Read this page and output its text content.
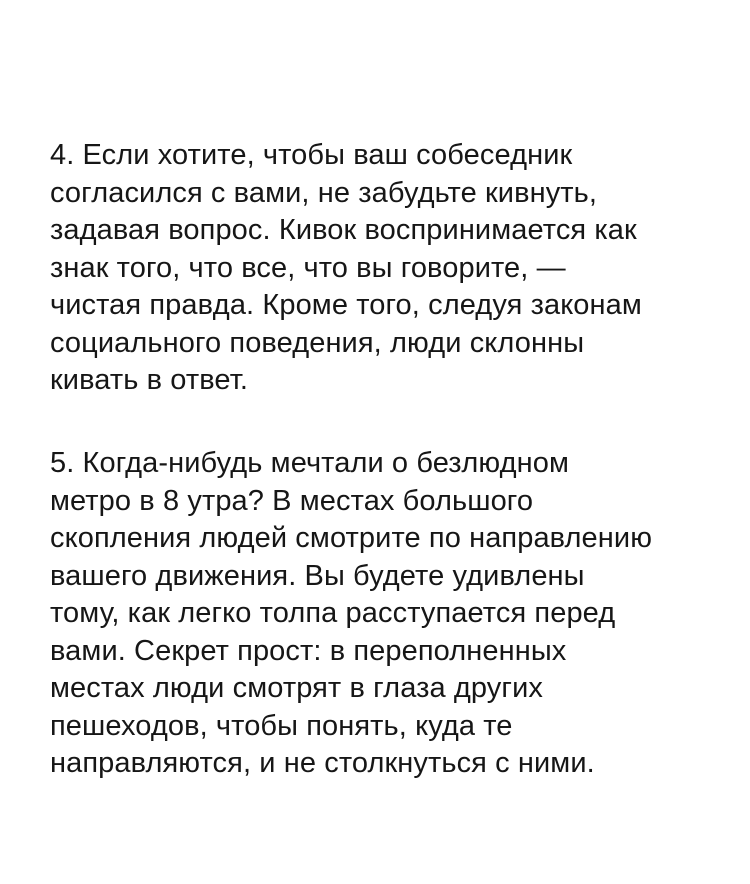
4. Если хотите, чтобы ваш собеседник
согласился с вами, не забудьте кивнуть,
задавая вопрос. Кивок воспринимается как
знак того, что все, что вы говорите, —
чистая правда. Кроме того, следуя законам
социального поведения, люди склонны
кивать в ответ.

5. Когда-нибудь мечтали о безлюдном
метро в 8 утра? В местах большого
скопления людей смотрите по направлению
вашего движения. Вы будете удивлены
тому, как легко толпа расступается перед
вами. Секрет прост: в переполненных
местах люди смотрят в глаза других
пешеходов, чтобы понять, куда те
направляются, и не столкнуться с ними.
